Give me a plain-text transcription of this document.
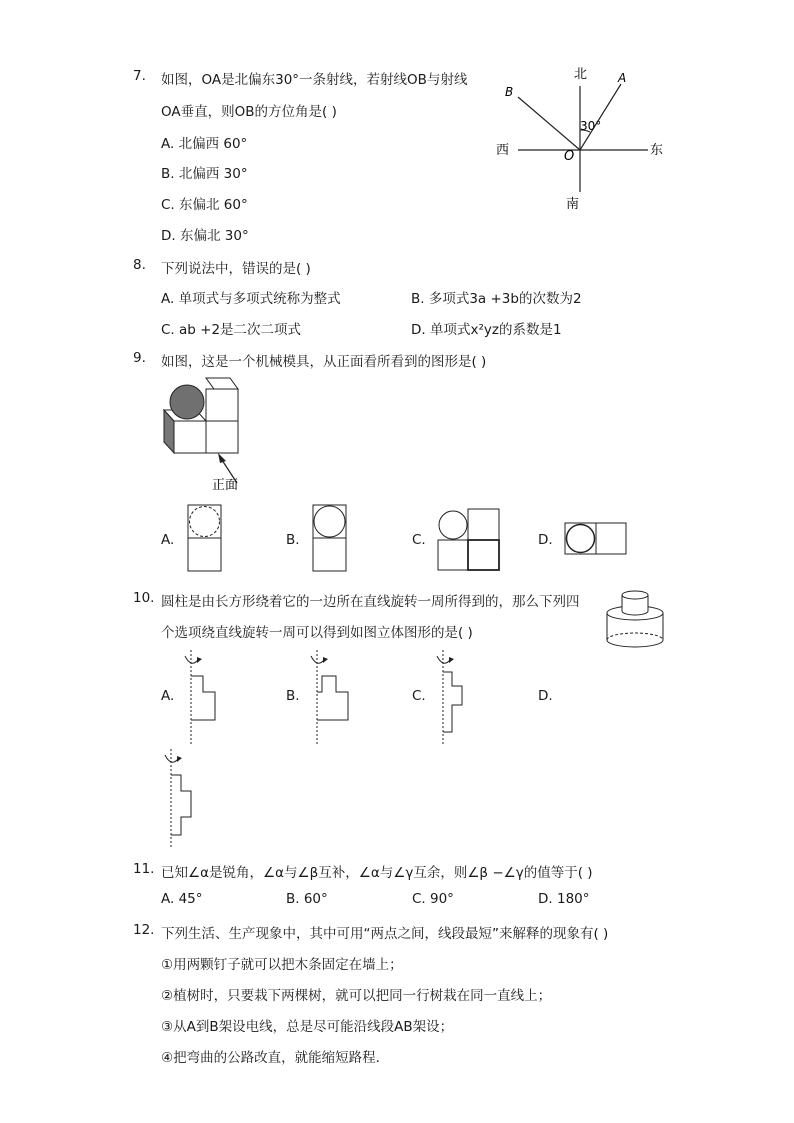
7. 如图，OA是北偏东30°一条射线，若射线OB与射线
OA垂直，则OB的方位角是( )
A. 北偏西 60°
B. 北偏西 30°
C. 东偏北 60°
D. 东偏北 30°
北
南
东
西	O
A
B
30°
8. 下列说法中，错误的是( )
A. 单项式与多项式统称为整式	B. 多项式3a +3b的次数为2
C. ab +2是二次二项式	D. 单项式x²yz的系数是1
9. 如图，这是一个机械模具，从正面看所看到的图形是( )
正面
A.	B.	C.	D.
10. 圆柱是由长方形绕着它的一边所在直线旋转一周所得到的，那么下列四
个选项绕直线旋转一周可以得到如图立体图形的是( )
A.	B.	C.	D.
11. 已知∠α是锐角，∠α与∠β互补，∠α与∠γ互余，则∠β −∠γ的值等于( )
A. 45°	B. 60°	C. 90°	D. 180°
12. 下列生活、生产现象中，其中可用“两点之间，线段最短”来解释的现象有( )
①用两颗钉子就可以把木条固定在墙上；
②植树时，只要栽下两棵树，就可以把同一行树栽在同一直线上；
③从A到B架设电线，总是尽可能沿线段AB架设；
④把弯曲的公路改直，就能缩短路程．
